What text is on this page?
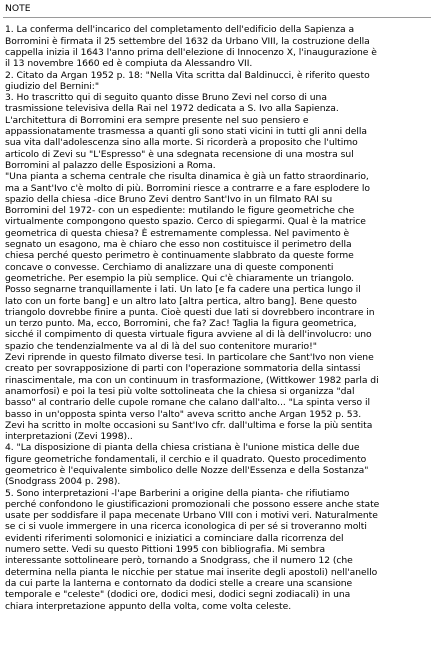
NOTE

1. La conferma dell'incarico del completamento dell'edificio della Sapienza a

Borromini è firmata il 25 settembre del 1632 da Urbano VIII, la costruzione della

cappella inizia il 1643 l'anno prima dell'elezione di Innocenzo X, l'inaugurazione è

il 13 novembre 1660 ed è compiuta da Alessandro VII.

2. Citato da Argan 1952 p. 18: "Nella Vita scritta dal Baldinucci, è riferito questo

giudizio del Bernini:"

3. Ho trascritto qui di seguito quanto disse Bruno Zevi nel corso di una

trasmissione televisiva della Rai nel 1972 dedicata a S. Ivo alla Sapienza.

L'architettura di Borromini era sempre presente nel suo pensiero e

appassionatamente trasmessa a quanti gli sono stati vicini in tutti gli anni della

sua vita dall'adolescenza sino alla morte. Si ricorderà a proposito che l'ultimo

articolo di Zevi su "L'Espresso" è una sdegnata recensione di una mostra sul

Borromini al palazzo delle Esposizioni a Roma.

"Una pianta a schema centrale che risulta dinamica è già un fatto straordinario,

ma a Sant'Ivo c'è molto di più. Borromini riesce a contrarre e a fare esplodere lo

spazio della chiesa -dice Bruno Zevi dentro Sant'Ivo in un filmato RAI su

Borromini del 1972- con un espediente: mutilando le figure geometriche che

virtualmente compongono questo spazio. Cerco di spiegarmi. Qual è la matrice

geometrica di questa chiesa? È estremamente complessa. Nel pavimento è

segnato un esagono, ma è chiaro che esso non costituisce il perimetro della

chiesa perché questo perimetro è continuamente slabbrato da queste forme

concave o convesse. Cerchiamo di analizzare una di queste componenti

geometriche. Per esempio la più semplice. Qui c'è chiaramente un triangolo.

Posso segnarne tranquillamente i lati. Un lato [e fa cadere una pertica lungo il

lato con un forte bang] e un altro lato [altra pertica, altro bang]. Bene questo

triangolo dovrebbe finire a punta. Cioè questi due lati si dovrebbero incontrare in

un terzo punto. Ma, ecco, Borromini, che fa? Zac! Taglia la figura geometrica,

sicché il compimento di questa virtuale figura avviene al di là dell'involucro: uno

spazio che tendenzialmente va al di là del suo contenitore murario!"

Zevi riprende in questo filmato diverse tesi. In particolare che Sant'Ivo non viene

creato per sovrapposizione di parti con l'operazione sommatoria della sintassi

rinascimentale, ma con un continuum in trasformazione, (Wittkower 1982 parla di

anamorfosi) e poi la tesi più volte sottolineata che la chiesa si organizza "dal

basso" al contrario delle cupole romane che calano dall'alto... "La spinta verso il

basso in un'opposta spinta verso l'alto" aveva scritto anche Argan 1952 p. 53.

Zevi ha scritto in molte occasioni su Sant'Ivo cfr. dall'ultima e forse la più sentita

interpretazioni (Zevi 1998)..

4. "La disposizione di pianta della chiesa cristiana è l'unione mistica delle due

figure geometriche fondamentali, il cerchio e il quadrato. Questo procedimento

geometrico è l'equivalente simbolico delle Nozze dell'Essenza e della Sostanza"

(Snodgrass 2004 p. 298).

5. Sono interpretazioni -l'ape Barberini a origine della pianta- che rifiutiamo

perché confondono le giustificazioni promozionali che possono essere anche state

usate per soddisfare il papa mecenate Urbano VIII con i motivi veri. Naturalmente

se ci si vuole immergere in una ricerca iconologica di per sé si troveranno molti

evidenti riferimenti solomonici e iniziatici a cominciare dalla ricorrenza del

numero sette. Vedi su questo Pittioni 1995 con bibliografia. Mi sembra

interessante sottolineare però, tornando a Snodgrass, che il numero 12 (che

determina nella pianta le nicchie per statue mai inserite degli apostoli) nell'anello

da cui parte la lanterna e contornato da dodici stelle a creare una scansione

temporale e "celeste" (dodici ore, dodici mesi, dodici segni zodiacali) in una

chiara interpretazione appunto della volta, come volta celeste.
